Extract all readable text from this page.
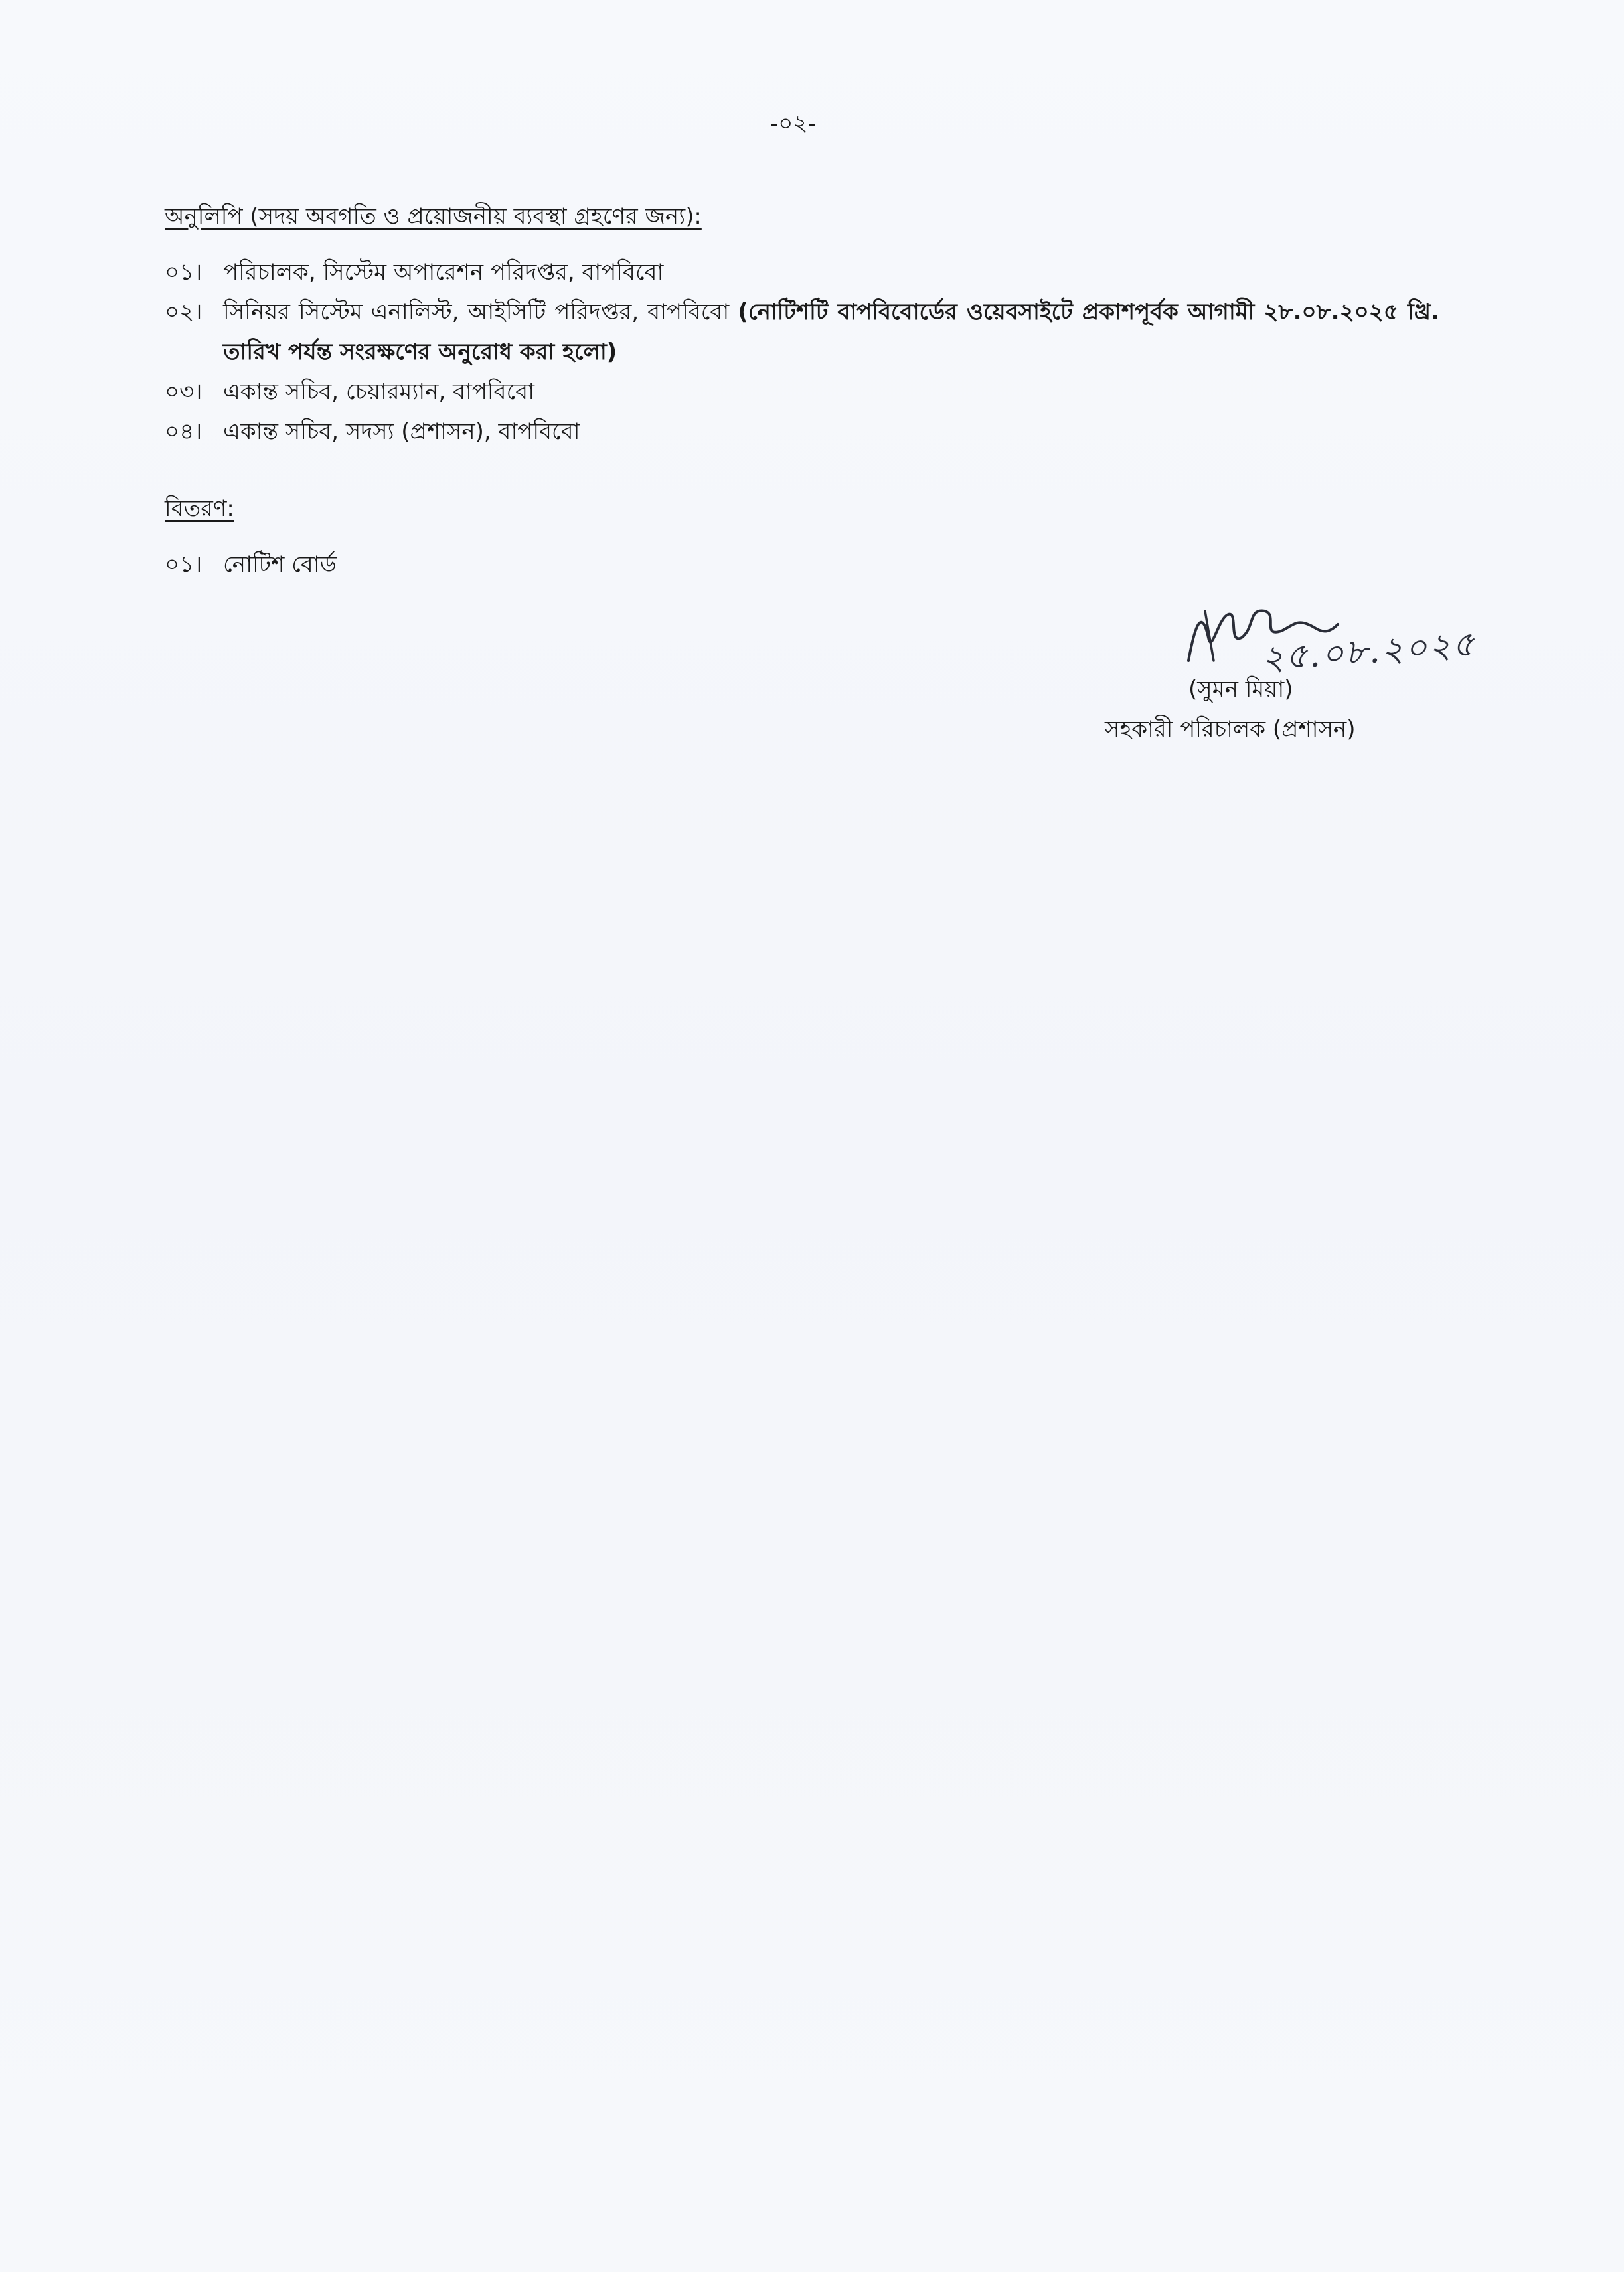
-০২-
অনুলিপি (সদয় অবগতি ও প্রয়োজনীয় ব্যবস্থা গ্রহণের জন্য):
০১। পরিচালক, সিস্টেম অপারেশন পরিদপ্তর, বাপবিবো
০২। সিনিয়র সিস্টেম এনালিস্ট, আইসিটি পরিদপ্তর, বাপবিবো (নোটিশটি বাপবিবোর্ডের ওয়েবসাইটে প্রকাশপূর্বক আগামী ২৮.০৮.২০২৫ খ্রি. তারিখ পর্যন্ত সংরক্ষণের অনুরোধ করা হলো)
০৩। একান্ত সচিব, চেয়ারম্যান, বাপবিবো
০৪। একান্ত সচিব, সদস্য (প্রশাসন), বাপবিবো
বিতরণ:
০১। নোটিশ বোর্ড
২৫.০৮.২০২৫
(সুমন মিয়া)
সহকারী পরিচালক (প্রশাসন)
